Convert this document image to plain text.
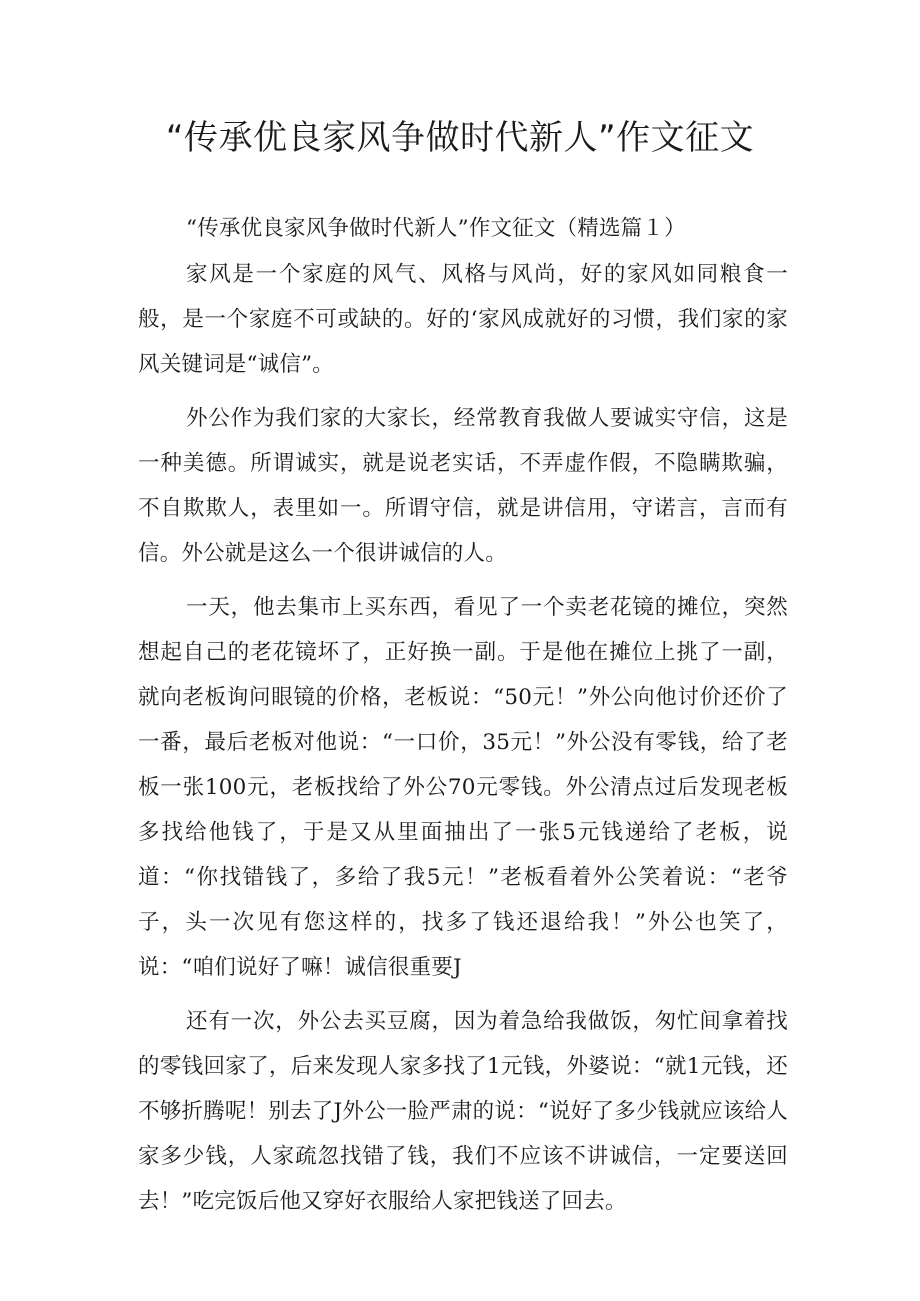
“传承优良家风争做时代新人”作文征文

“传承优良家风争做时代新人”作文征文（精选篇１）

家风是一个家庭的风气、风格与风尚，好的家风如同粮食一般，是一个家庭不可或缺的。好的‘家风成就好的习惯，我们家的家风关键词是“诚信”。

外公作为我们家的大家长，经常教育我做人要诚实守信，这是一种美德。所谓诚实，就是说老实话，不弄虚作假，不隐瞒欺骗，不自欺欺人，表里如一。所谓守信，就是讲信用，守诺言，言而有信。外公就是这么一个很讲诚信的人。

一天，他去集市上买东西，看见了一个卖老花镜的摊位，突然想起自己的老花镜坏了，正好换一副。于是他在摊位上挑了一副，就向老板询问眼镜的价格，老板说：“50元！”外公向他讨价还价了一番，最后老板对他说：“一口价，35元！”外公没有零钱，给了老板一张100元，老板找给了外公70元零钱。外公清点过后发现老板多找给他钱了，于是又从里面抽出了一张5元钱递给了老板，说道：“你找错钱了，多给了我5元！”老板看着外公笑着说：“老爷子，头一次见有您这样的，找多了钱还退给我！”外公也笑了，说：“咱们说好了嘛！诚信很重要J

还有一次，外公去买豆腐，因为着急给我做饭，匆忙间拿着找的零钱回家了，后来发现人家多找了1元钱，外婆说：“就1元钱，还不够折腾呢！别去了J外公一脸严肃的说：“说好了多少钱就应该给人家多少钱，人家疏忽找错了钱，我们不应该不讲诚信，一定要送回去！”吃完饭后他又穿好衣服给人家把钱送了回去。
